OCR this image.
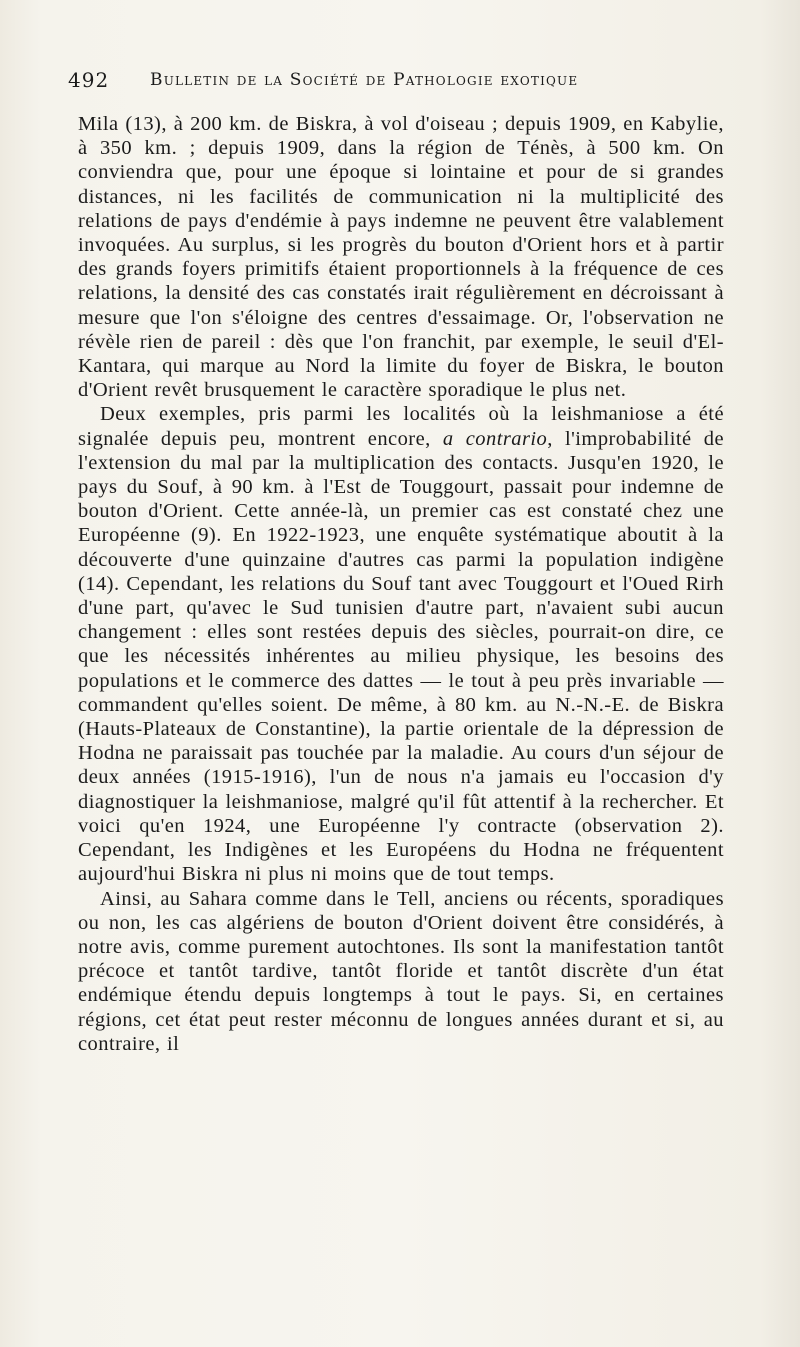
492 Bulletin de la Société de Pathologie exotique

Mila (13), à 200 km. de Biskra, à vol d'oiseau ; depuis 1909, en Kabylie, à 350 km. ; depuis 1909, dans la région de Ténès, à 500 km. On conviendra que, pour une époque si lointaine et pour de si grandes distances, ni les facilités de communication ni la multiplicité des relations de pays d'endémie à pays indemne ne peuvent être valablement invoquées. Au surplus, si les progrès du bouton d'Orient hors et à partir des grands foyers primitifs étaient proportionnels à la fréquence de ces relations, la densité des cas constatés irait régulièrement en décroissant à mesure que l'on s'éloigne des centres d'essaimage. Or, l'observation ne révèle rien de pareil : dès que l'on franchit, par exemple, le seuil d'El-Kantara, qui marque au Nord la limite du foyer de Biskra, le bouton d'Orient revêt brusquement le caractère sporadique le plus net.

Deux exemples, pris parmi les localités où la leishmaniose a été signalée depuis peu, montrent encore, a contrario, l'improbabilité de l'extension du mal par la multiplication des contacts. Jusqu'en 1920, le pays du Souf, à 90 km. à l'Est de Touggourt, passait pour indemne de bouton d'Orient. Cette année-là, un premier cas est constaté chez une Européenne (9). En 1922-1923, une enquête systématique aboutit à la découverte d'une quinzaine d'autres cas parmi la population indigène (14). Cependant, les relations du Souf tant avec Touggourt et l'Oued Rirh d'une part, qu'avec le Sud tunisien d'autre part, n'avaient subi aucun changement : elles sont restées depuis des siècles, pourrait-on dire, ce que les nécessités inhérentes au milieu physique, les besoins des populations et le commerce des dattes — le tout à peu près invariable — commandent qu'elles soient. De même, à 80 km. au N.-N.-E. de Biskra (Hauts-Plateaux de Constantine), la partie orientale de la dépression de Hodna ne paraissait pas touchée par la maladie. Au cours d'un séjour de deux années (1915-1916), l'un de nous n'a jamais eu l'occasion d'y diagnostiquer la leishmaniose, malgré qu'il fût attentif à la rechercher. Et voici qu'en 1924, une Européenne l'y contracte (observation 2). Cependant, les Indigènes et les Européens du Hodna ne fréquentent aujourd'hui Biskra ni plus ni moins que de tout temps.

Ainsi, au Sahara comme dans le Tell, anciens ou récents, sporadiques ou non, les cas algériens de bouton d'Orient doivent être considérés, à notre avis, comme purement autochtones. Ils sont la manifestation tantôt précoce et tantôt tardive, tantôt floride et tantôt discrète d'un état endémique étendu depuis longtemps à tout le pays. Si, en certaines régions, cet état peut rester méconnu de longues années durant et si, au contraire, il
